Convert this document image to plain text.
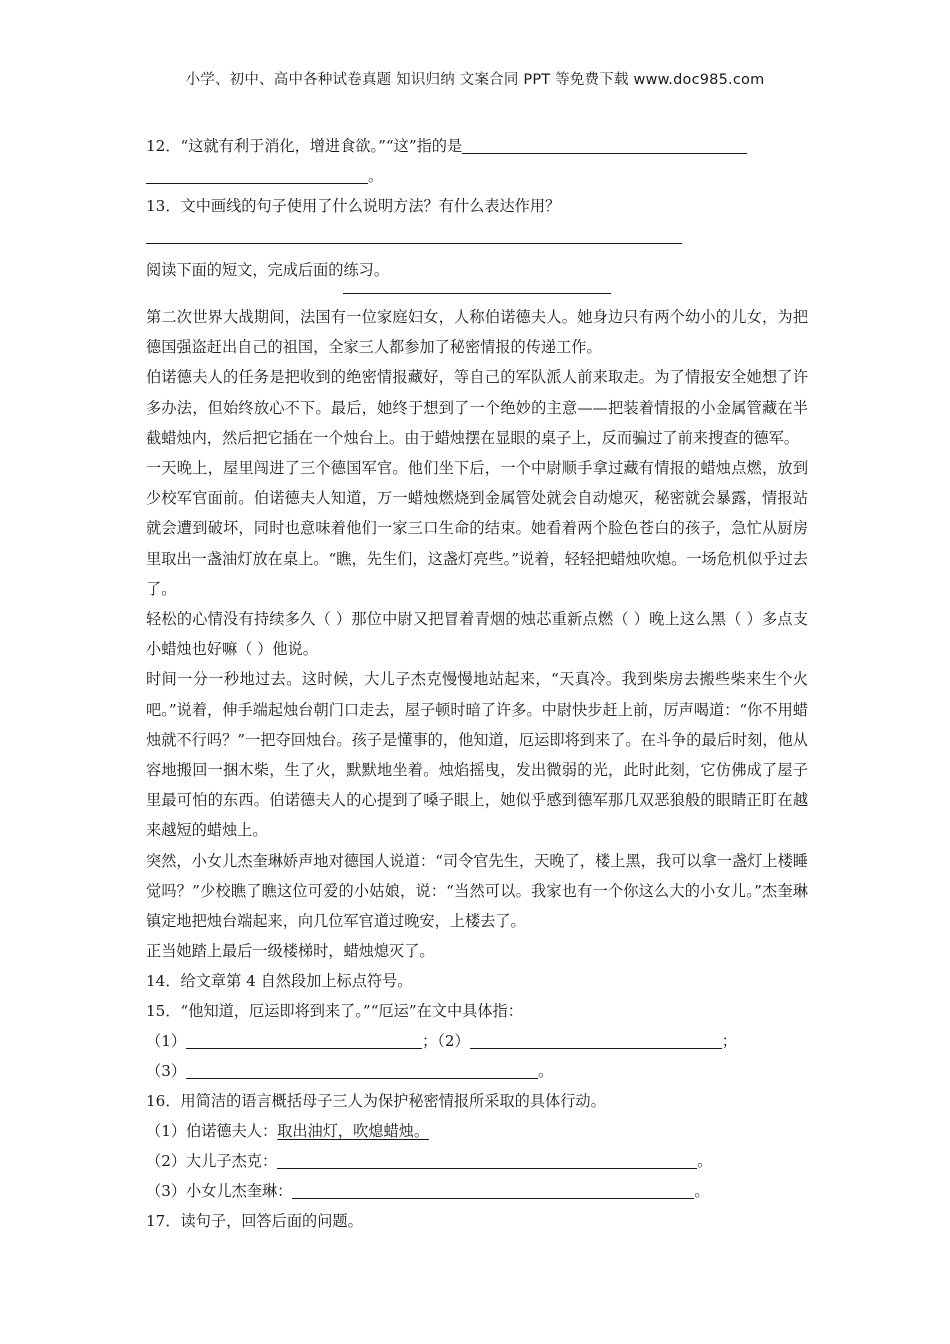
小学、初中、高中各种试卷真题 知识归纳 文案合同 PPT 等免费下载 www.doc985.com
12．“这就有利于消化，增进食欲。”“这”指的是
。
13．文中画线的句子使用了什么说明方法？有什么表达作用？
阅读下面的短文，完成后面的练习。
第二次世界大战期间，法国有一位家庭妇女，人称伯诺德夫人。她身边只有两个幼小的儿女，为把德国强盗赶出自己的祖国，全家三人都参加了秘密情报的传递工作。
伯诺德夫人的任务是把收到的绝密情报藏好，等自己的军队派人前来取走。为了情报安全她想了许多办法，但始终放心不下。最后，她终于想到了一个绝妙的主意——把装着情报的小金属管藏在半截蜡烛内，然后把它插在一个烛台上。由于蜡烛摆在显眼的桌子上，反而骗过了前来搜查的德军。
一天晚上，屋里闯进了三个德国军官。他们坐下后，一个中尉顺手拿过藏有情报的蜡烛点燃，放到少校军官面前。伯诺德夫人知道，万一蜡烛燃烧到金属管处就会自动熄灭，秘密就会暴露，情报站就会遭到破坏，同时也意味着他们一家三口生命的结束。她看着两个脸色苍白的孩子，急忙从厨房里取出一盏油灯放在桌上。“瞧，先生们，这盏灯亮些。”说着，轻轻把蜡烛吹熄。一场危机似乎过去了。
轻松的心情没有持续多久（ ）那位中尉又把冒着青烟的烛芯重新点燃（ ）晚上这么黑（ ）多点支小蜡烛也好嘛（ ）他说。
时间一分一秒地过去。这时候，大儿子杰克慢慢地站起来，“天真冷。我到柴房去搬些柴来生个火吧。”说着，伸手端起烛台朝门口走去，屋子顿时暗了许多。中尉快步赶上前，厉声喝道：“你不用蜡烛就不行吗？”一把夺回烛台。孩子是懂事的，他知道，厄运即将到来了。在斗争的最后时刻，他从容地搬回一捆木柴，生了火，默默地坐着。烛焰摇曳，发出微弱的光，此时此刻，它仿佛成了屋子里最可怕的东西。伯诺德夫人的心提到了嗓子眼上，她似乎感到德军那几双恶狼般的眼睛正盯在越来越短的蜡烛上。
突然，小女儿杰奎琳娇声地对德国人说道：“司令官先生，天晚了，楼上黑，我可以拿一盏灯上楼睡觉吗？”少校瞧了瞧这位可爱的小姑娘，说：“当然可以。我家也有一个你这么大的小女儿。”杰奎琳镇定地把烛台端起来，向几位军官道过晚安，上楼去了。
正当她踏上最后一级楼梯时，蜡烛熄灭了。
14．给文章第 4 自然段加上标点符号。
15．“他知道，厄运即将到来了。”“厄运”在文中具体指：
（1）	；（2）	；
（3）	。
16．用简洁的语言概括母子三人为保护秘密情报所采取的具体行动。
（1）伯诺德夫人：取出油灯，吹熄蜡烛。
（2）大儿子杰克：	。
（3）小女儿杰奎琳：	。
17．读句子，回答后面的问题。
